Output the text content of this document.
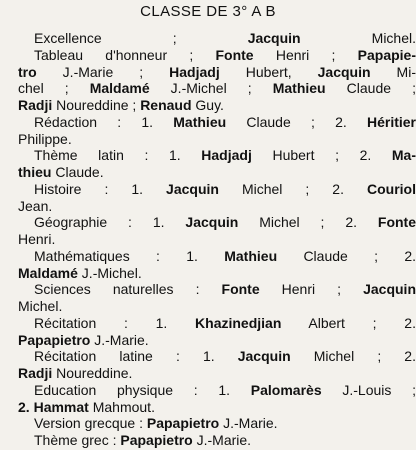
CLASSE DE 3° A B
Excellence ; Jacquin Michel.
Tableau d'honneur ; Fonte Henri ; Papapie-
tro J.-Marie ; Hadjadj Hubert, Jacquin Mi-
chel ; Maldamé J.-Michel ; Mathieu Claude ;
Radji Noureddine ; Renaud Guy.
Rédaction : 1. Mathieu Claude ; 2. Héritier
Philippe.
Thème latin : 1. Hadjadj Hubert ; 2. Ma-
thieu Claude.
Histoire : 1. Jacquin Michel ; 2. Couriol
Jean.
Géographie : 1. Jacquin Michel ; 2. Fonte
Henri.
Mathématiques : 1. Mathieu Claude ; 2.
Maldamé J.-Michel.
Sciences naturelles : Fonte Henri ; Jacquin
Michel.
Récitation : 1. Khazinedjian Albert ; 2.
Papapietro J.-Marie.
Récitation latine : 1. Jacquin Michel ; 2.
Radji Noureddine.
Education physique : 1. Palomarès J.-Louis ;
2. Hammat Mahmout.
Version grecque : Papapietro J.-Marie.
Thème grec : Papapietro J.-Marie.
